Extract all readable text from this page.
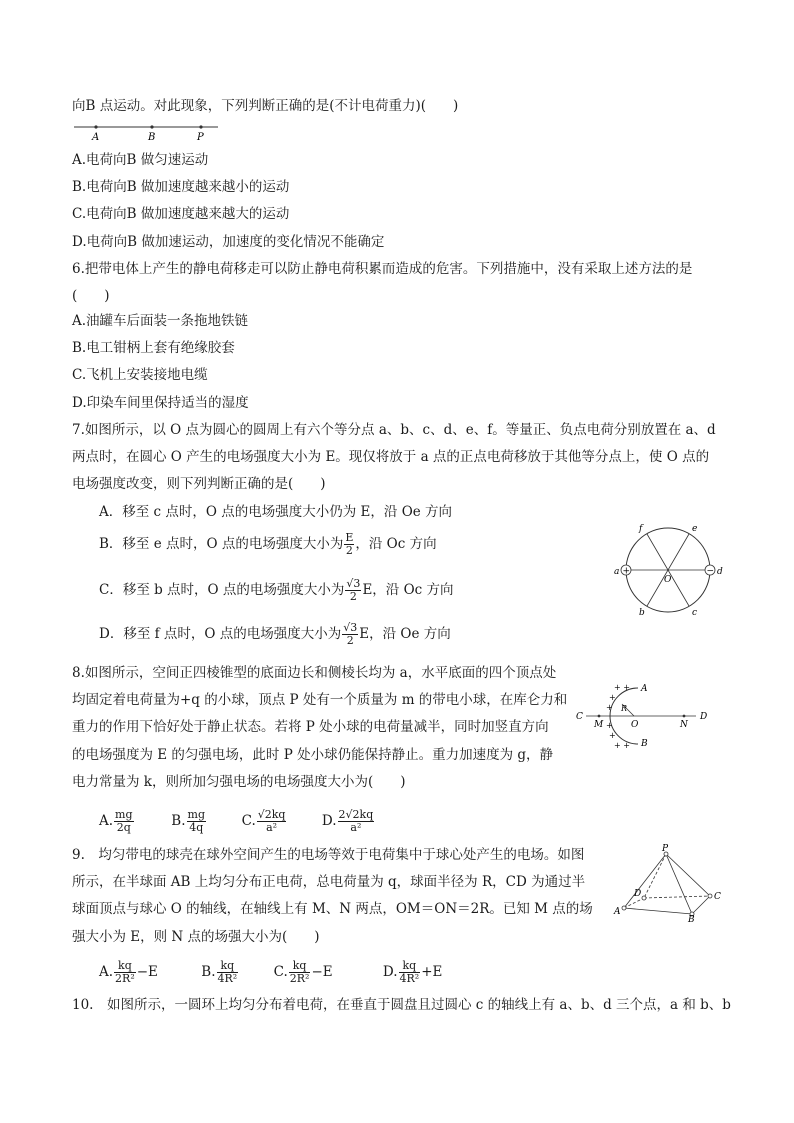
向B 点运动。对此现象，下列判断正确的是(不计电荷重力)(　　)
A	B	P
A.电荷向B 做匀速运动
B.电荷向B 做加速度越来越小的运动
C.电荷向B 做加速度越来越大的运动
D.电荷向B 做加速运动，加速度的变化情况不能确定
6.把带电体上产生的静电荷移走可以防止静电荷积累而造成的危害。下列措施中，没有采取上述方法的是
(　　)
A.油罐车后面装一条拖地铁链
B.电工钳柄上套有绝缘胶套
C.飞机上安装接地电缆
D.印染车间里保持适当的湿度
7.如图所示，以 O 点为圆心的圆周上有六个等分点 a、b、c、d、e、f。等量正、负点电荷分别放置在 a、d
两点时，在圆心 O 产生的电场强度大小为 E。现仅将放于 a 点的正点电荷移放于其他等分点上，使 O 点的
电场强度改变，则下列判断正确的是(　　)
A．移至 c 点时，O 点的电场强度大小仍为 E，沿 Oe 方向
B．移至 e 点时，O 点的电场强度大小为 $\frac{E}{2}$ ，沿 Oc 方向
C．移至 b 点时，O 点的电场强度大小为 $\frac{√3}{2}$ E，沿 Oc 方向
D．移至 f 点时，O 点的电场强度大小为 $\frac{√3}{2}$ E，沿 Oe 方向
+	−
a	d
f	e
b	c
O
8.如图所示，空间正四棱锥型的底面边长和侧棱长均为 a，水平底面的四个顶点处
均固定着电荷量为+q 的小球，顶点 P 处有一个质量为 m 的带电小球，在库仑力和
重力的作用下恰好处于静止状态。若将 P 处小球的电荷量减半，同时加竖直方向
的电场强度为 E 的匀强电场，此时 P 处小球仍能保持静止。重力加速度为 g，静
电力常量为 k，则所加匀强电场的电场强度大小为(　　)
A. $\frac{mg}{2q}$	B. $\frac{mg}{4q}$	C. $\frac{√2kq}{\text{a²}}$	D. $\frac{2√2kq}{\text{a²}}$
+ +
+
+
+
+
+ +
A
B
C	D
M	N
O
R
9.　均匀带电的球壳在球外空间产生的电场等效于电荷集中于球心处产生的电场。如图
所示，在半球面 AB 上均匀分布正电荷，总电荷量为 q，球面半径为 R，CD 为通过半
球面顶点与球心 O 的轴线，在轴线上有 M、N 两点，OM＝ON＝2R。已知 M 点的场
强大小为 E，则 N 点的场强大小为(　　)
A. $\frac{kq}{\text{2R²}} -E$	B. $\frac{kq}{\text{4R²}}$	C. $\frac{kq}{\text{2R²}} -E$	D. $\frac{kq}{\text{4R²}} +E$
P
A
B
C
D
10.　如图所示，一圆环上均匀分布着电荷，在垂直于圆盘且过圆心 c 的轴线上有 a、b、d 三个点，a 和 b、b
